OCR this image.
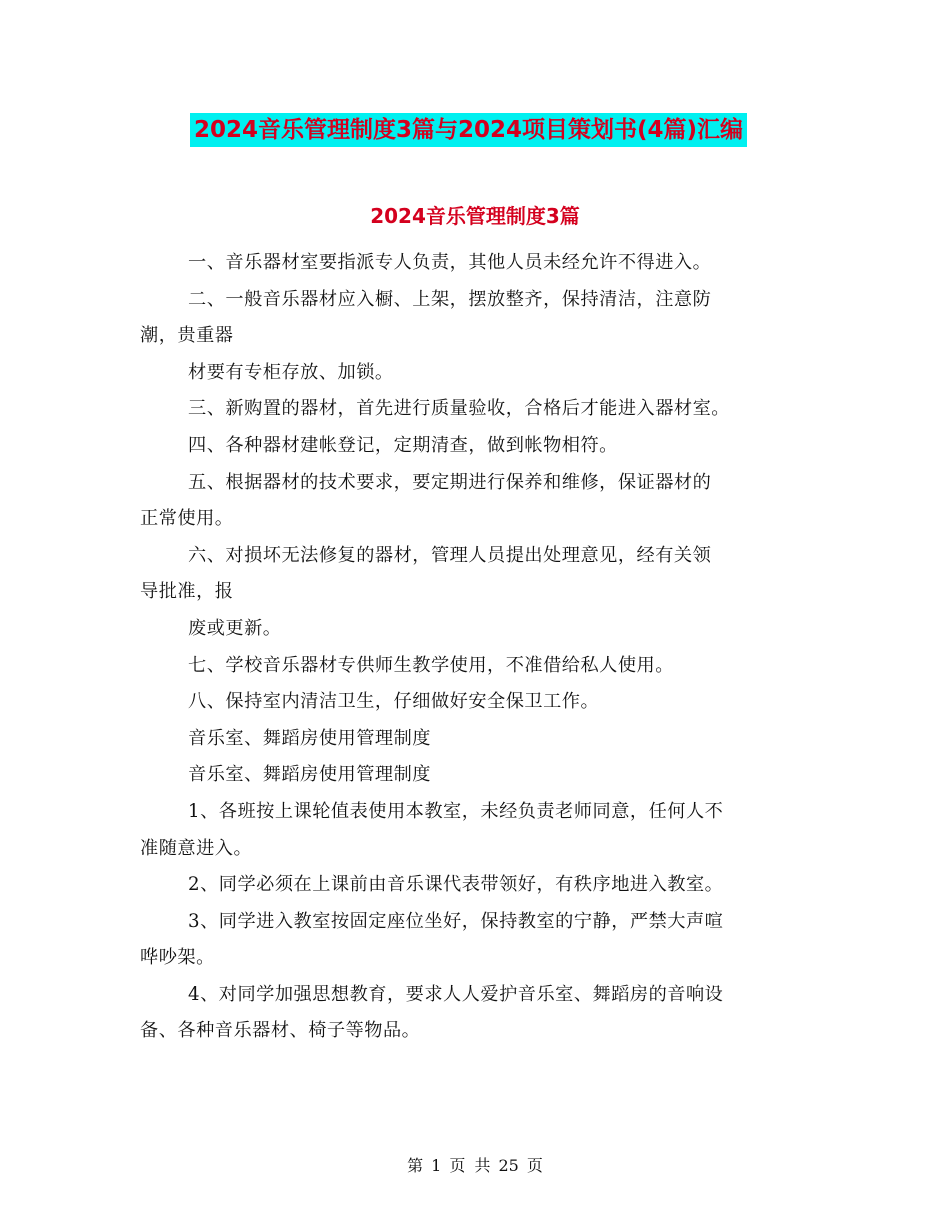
2024音乐管理制度3篇与2024项目策划书(4篇)汇编
2024音乐管理制度3篇

一、音乐器材室要指派专人负责，其他人员未经允许不得进入。

二、一般音乐器材应入橱、上架，摆放整齐，保持清洁，注意防

潮，贵重器

材要有专柜存放、加锁。

三、新购置的器材，首先进行质量验收，合格后才能进入器材室。

四、各种器材建帐登记，定期清查，做到帐物相符。

五、根据器材的技术要求，要定期进行保养和维修，保证器材的

正常使用。

六、对损坏无法修复的器材，管理人员提出处理意见，经有关领

导批准，报

废或更新。

七、学校音乐器材专供师生教学使用，不准借给私人使用。

八、保持室内清洁卫生，仔细做好安全保卫工作。

音乐室、舞蹈房使用管理制度

音乐室、舞蹈房使用管理制度

1、各班按上课轮值表使用本教室，未经负责老师同意，任何人不

准随意进入。

2、同学必须在上课前由音乐课代表带领好，有秩序地进入教室。

3、同学进入教室按固定座位坐好，保持教室的宁静，严禁大声喧

哗吵架。

4、对同学加强思想教育，要求人人爱护音乐室、舞蹈房的音响设

备、各种音乐器材、椅子等物品。

第 1 页 共 25 页
